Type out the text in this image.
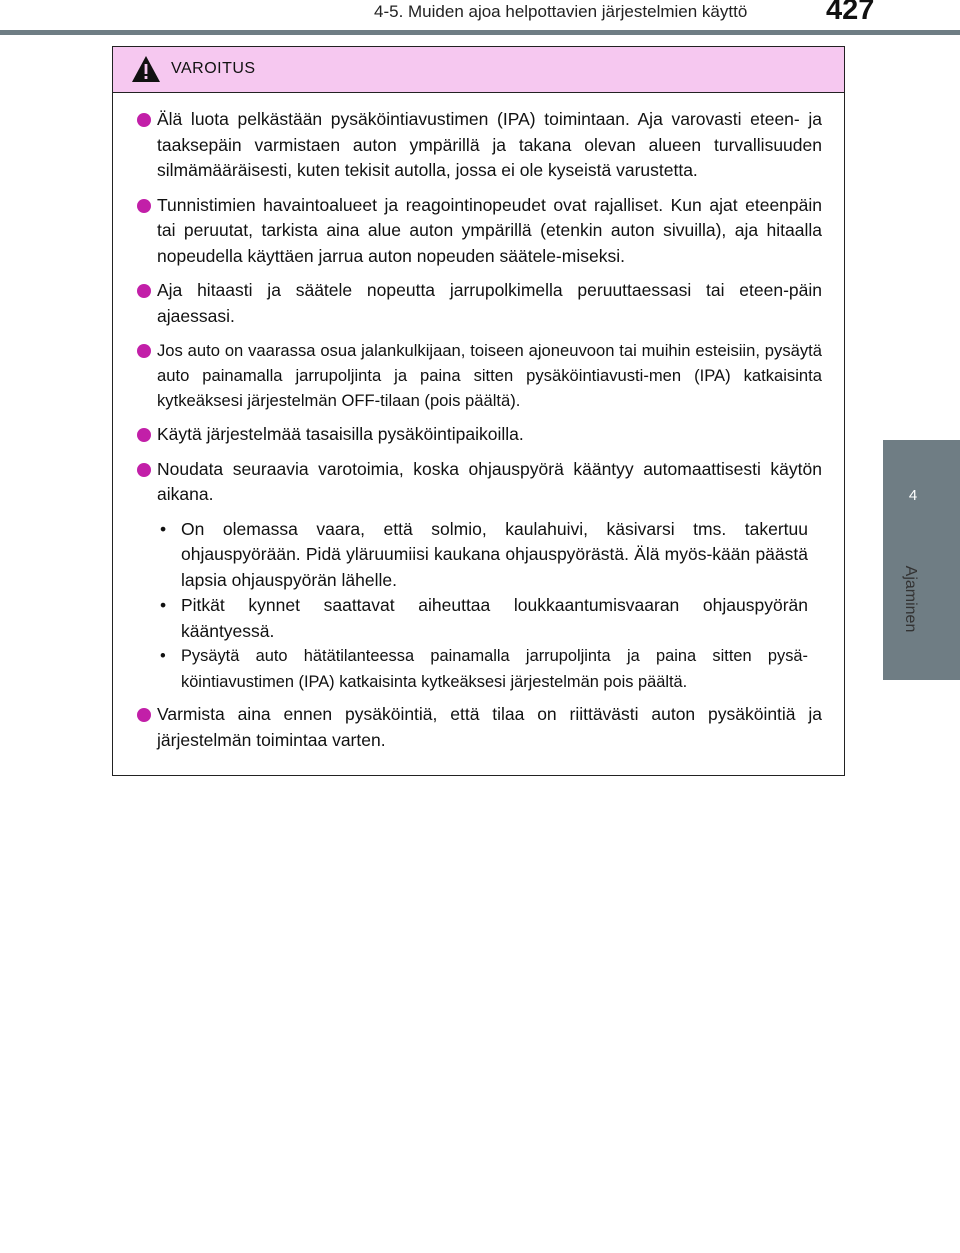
4-5. Muiden ajoa helpottavien järjestelmien käyttö	427
4
Ajaminen
VAROITUS
Älä luota pelkästään pysäköintiavustimen (IPA) toimintaan. Aja varovasti eteen- ja taaksepäin varmistaen auton ympärillä ja takana olevan alueen turvallisuuden silmämääräisesti, kuten tekisit autolla, jossa ei ole kyseistä varustetta.
Tunnistimien havaintoalueet ja reagointinopeudet ovat rajalliset. Kun ajat eteenpäin tai peruutat, tarkista aina alue auton ympärillä (etenkin auton sivuilla), aja hitaalla nopeudella käyttäen jarrua auton nopeuden säätele-miseksi.
Aja hitaasti ja säätele nopeutta jarrupolkimella peruuttaessasi tai eteen-päin ajaessasi.
Jos auto on vaarassa osua jalankulkijaan, toiseen ajoneuvoon tai muihin esteisiin, pysäytä auto painamalla jarrupoljinta ja paina sitten pysäköintiavusti-men (IPA) katkaisinta kytkeäksesi järjestelmän OFF-tilaan (pois päältä).
Käytä järjestelmää tasaisilla pysäköintipaikoilla.
Noudata seuraavia varotoimia, koska ohjauspyörä kääntyy automaattisesti käytön aikana.
• On olemassa vaara, että solmio, kaulahuivi, käsivarsi tms. takertuu ohjauspyörään. Pidä yläruumiisi kaukana ohjauspyörästä. Älä myös-kään päästä lapsia ohjauspyörän lähelle.
• Pitkät kynnet saattavat aiheuttaa loukkaantumisvaaran ohjauspyörän kääntyessä.
• Pysäytä auto hätätilanteessa painamalla jarrupoljinta ja paina sitten pysä-köintiavustimen (IPA) katkaisinta kytkeäksesi järjestelmän pois päältä.
Varmista aina ennen pysäköintiä, että tilaa on riittävästi auton pysäköintiä ja järjestelmän toimintaa varten.
